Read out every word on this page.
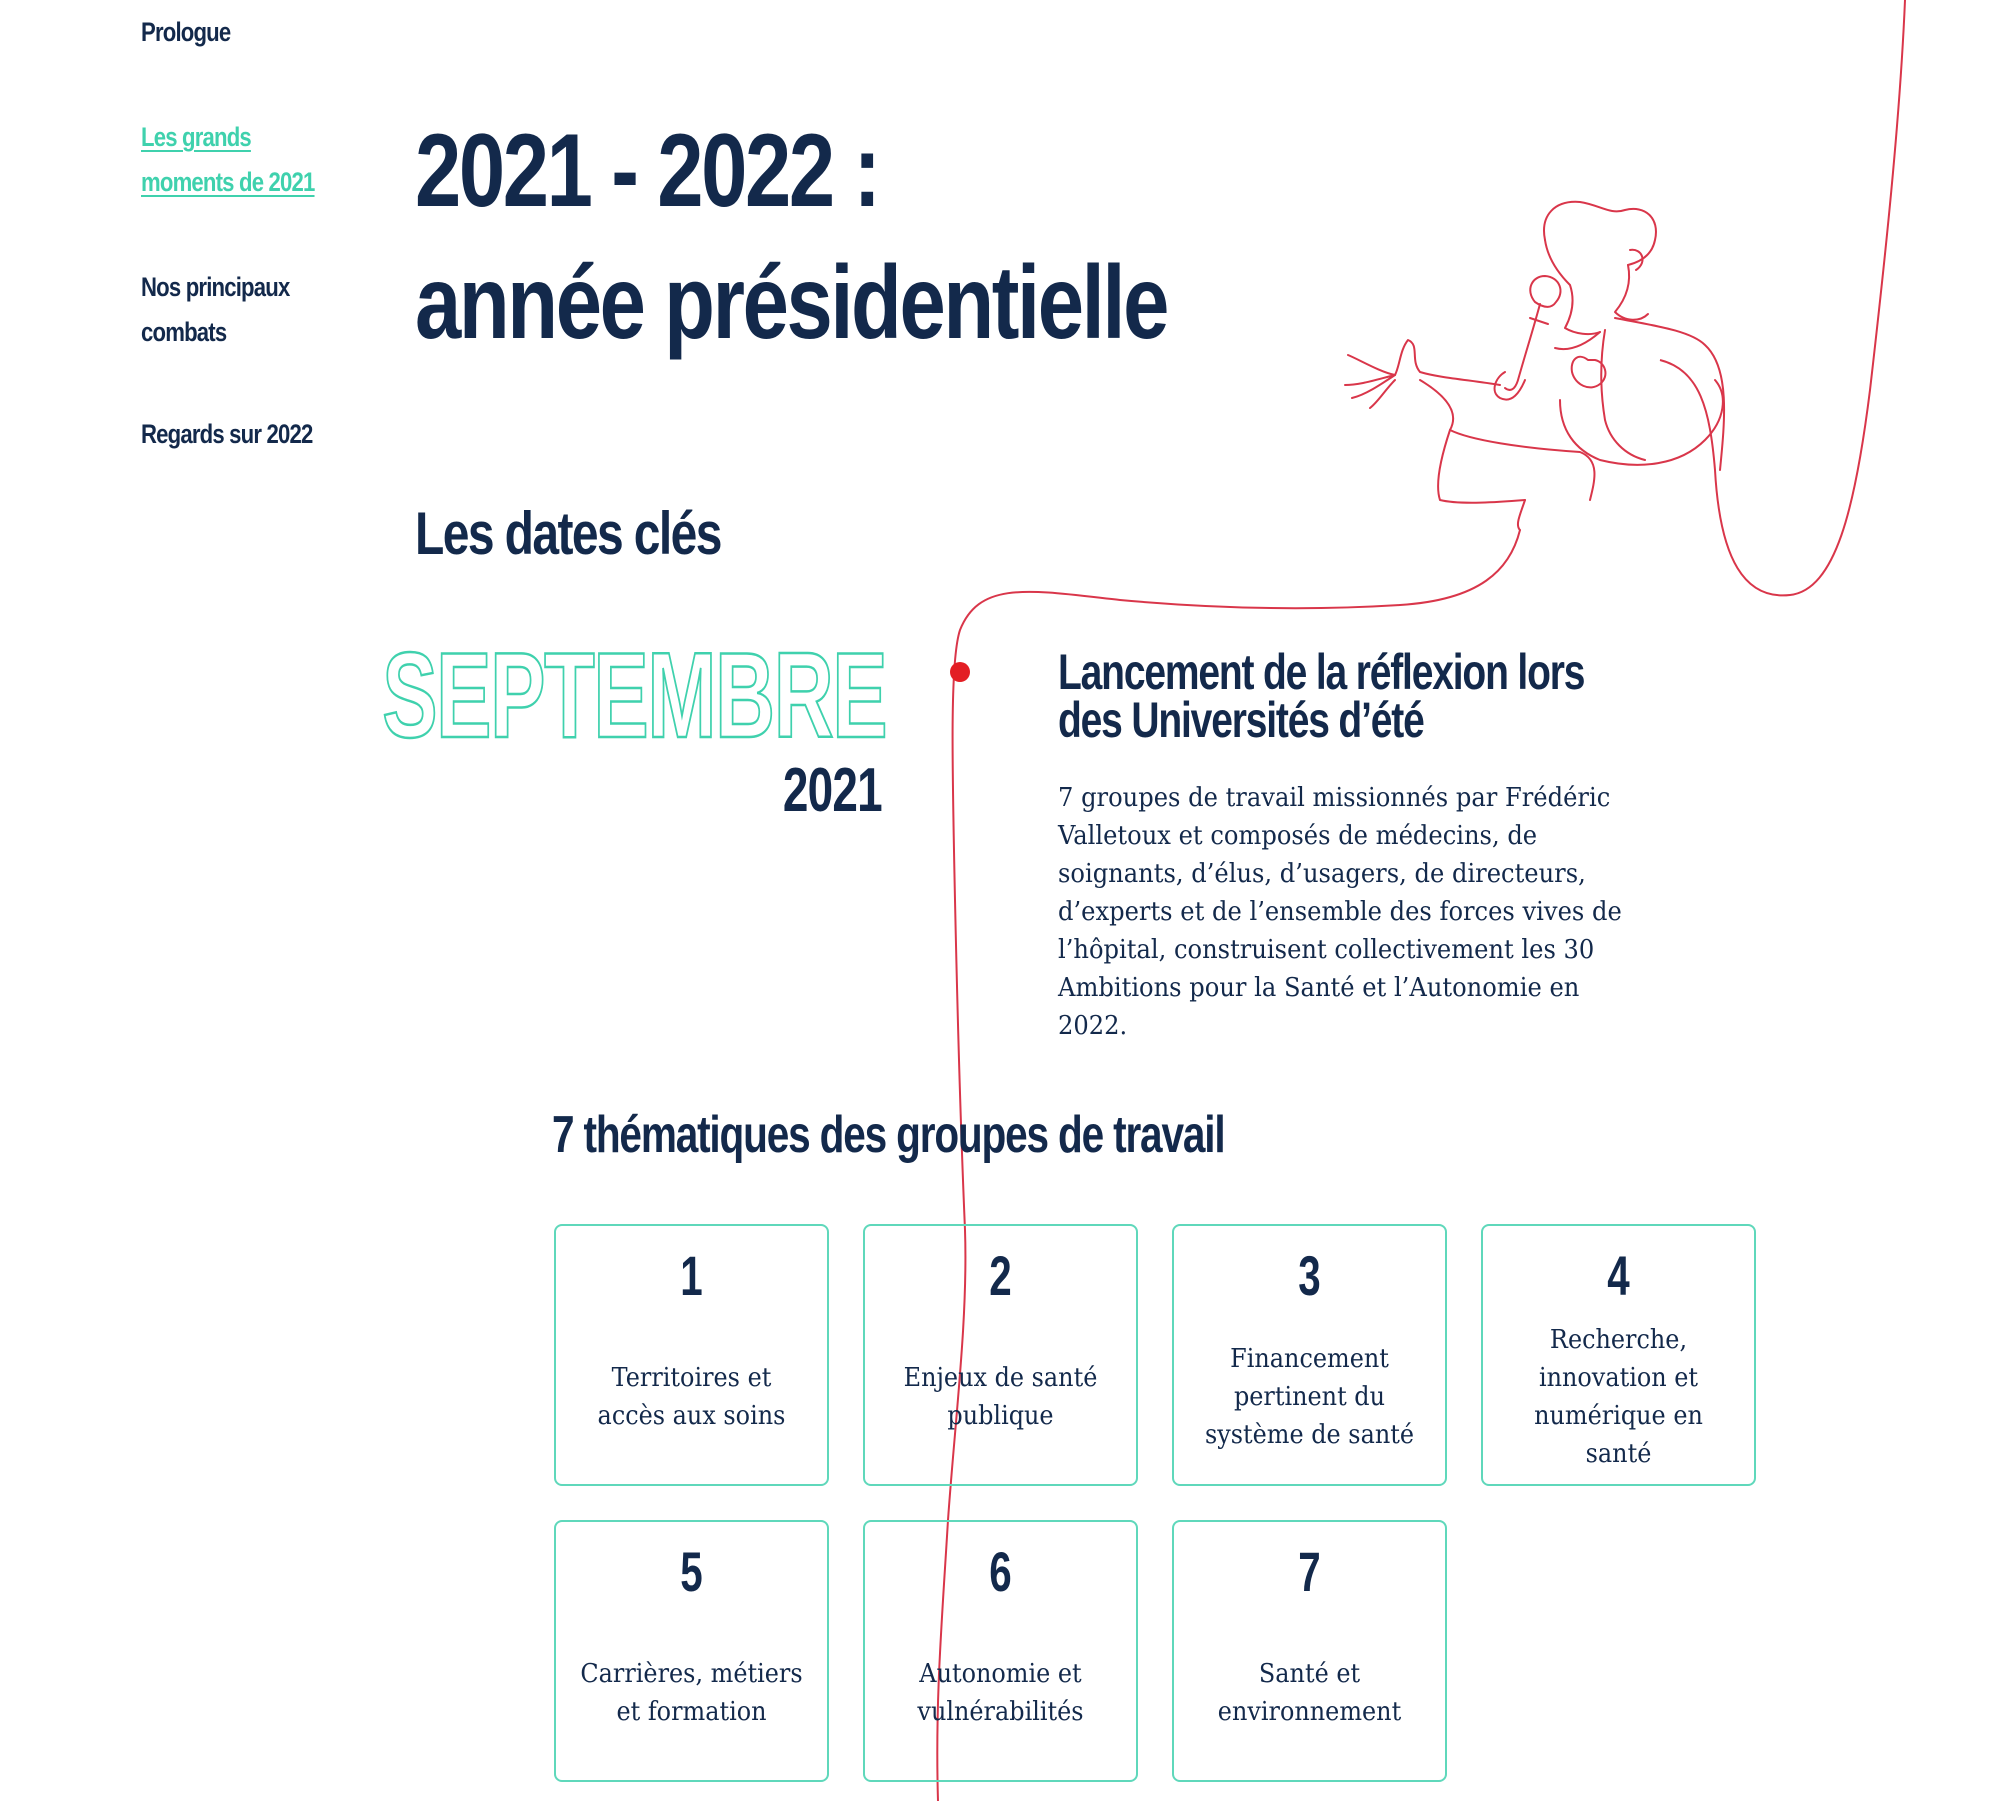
Prologue
Les grands moments de 2021
Nos principaux combats
Regards sur 2022
2021 - 2022 :
année présidentielle
Les dates clés
SEPTEMBRE
2021
Lancement de la réflexion lors des Universités d’été

7 groupes de travail missionnés par Frédéric Valletoux et composés de médecins, de soignants, d’élus, d’usagers, de directeurs, d’experts et de l’ensemble des forces vives de l’hôpital, construisent collectivement les 30 Ambitions pour la Santé et l’Autonomie en 2022.

7 thématiques des groupes de travail
1
Territoires et accès aux soins
2
Enjeux de santé publique
3
Financement pertinent du système de santé
4
Recherche, innovation et numérique en santé
5
Carrières, métiers et formation
6
Autonomie et vulnérabilités
7
Santé et environnement
